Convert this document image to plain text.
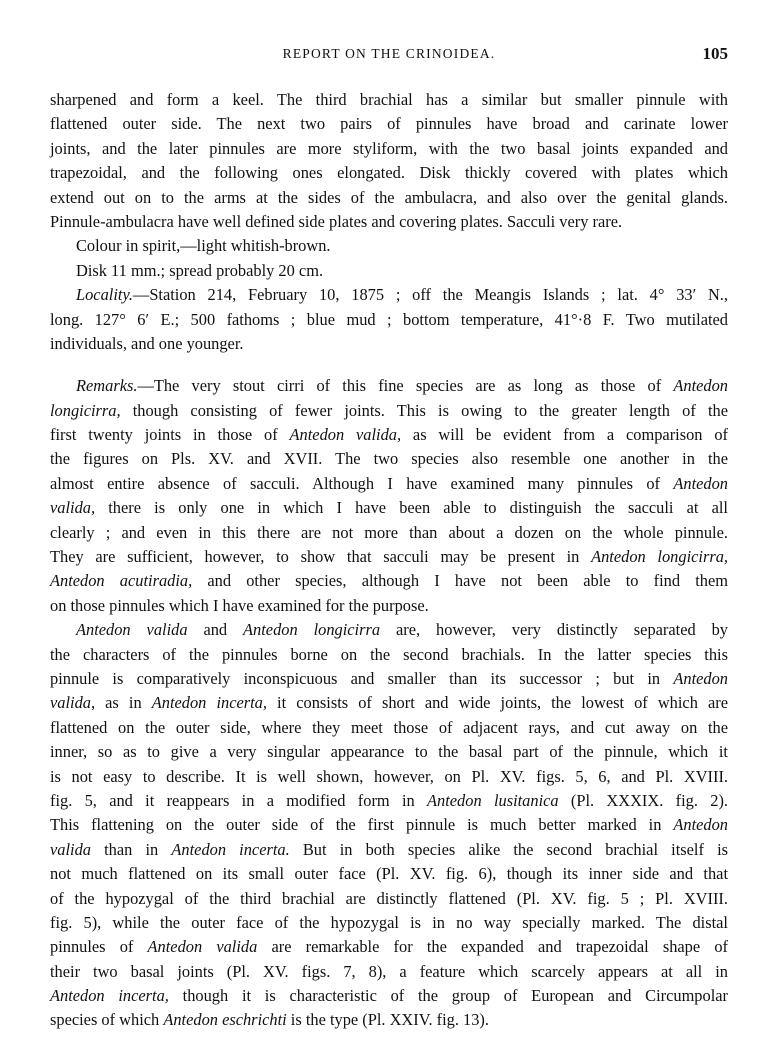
REPORT ON THE CRINOIDEA.	105
sharpened and form a keel. The third brachial has a similar but smaller pinnule with
flattened outer side. The next two pairs of pinnules have broad and carinate lower
joints, and the later pinnules are more styliform, with the two basal joints expanded and
trapezoidal, and the following ones elongated. Disk thickly covered with plates which
extend out on to the arms at the sides of the ambulacra, and also over the genital glands.
Pinnule-ambulacra have well defined side plates and covering plates. Sacculi very rare.
Colour in spirit,—light whitish-brown.
Disk 11 mm.; spread probably 20 cm.
Locality.—Station 214, February 10, 1875 ; off the Meangis Islands ; lat. 4° 33′ N.,
long. 127° 6′ E.; 500 fathoms ; blue mud ; bottom temperature, 41°·8 F. Two mutilated
individuals, and one younger.
Remarks.—The very stout cirri of this fine species are as long as those of Antedon
longicirra, though consisting of fewer joints. This is owing to the greater length of the
first twenty joints in those of Antedon valida, as will be evident from a comparison of
the figures on Pls. XV. and XVII. The two species also resemble one another in the
almost entire absence of sacculi. Although I have examined many pinnules of Antedon
valida, there is only one in which I have been able to distinguish the sacculi at all
clearly ; and even in this there are not more than about a dozen on the whole pinnule.
They are sufficient, however, to show that sacculi may be present in Antedon longicirra,
Antedon acutiradia, and other species, although I have not been able to find them
on those pinnules which I have examined for the purpose.
Antedon valida and Antedon longicirra are, however, very distinctly separated by
the characters of the pinnules borne on the second brachials. In the latter species this
pinnule is comparatively inconspicuous and smaller than its successor ; but in Antedon
valida, as in Antedon incerta, it consists of short and wide joints, the lowest of which are
flattened on the outer side, where they meet those of adjacent rays, and cut away on the
inner, so as to give a very singular appearance to the basal part of the pinnule, which it
is not easy to describe. It is well shown, however, on Pl. XV. figs. 5, 6, and Pl. XVIII.
fig. 5, and it reappears in a modified form in Antedon lusitanica (Pl. XXXIX. fig. 2).
This flattening on the outer side of the first pinnule is much better marked in Antedon
valida than in Antedon incerta. But in both species alike the second brachial itself is
not much flattened on its small outer face (Pl. XV. fig. 6), though its inner side and that
of the hypozygal of the third brachial are distinctly flattened (Pl. XV. fig. 5 ; Pl. XVIII.
fig. 5), while the outer face of the hypozygal is in no way specially marked. The distal
pinnules of Antedon valida are remarkable for the expanded and trapezoidal shape of
their two basal joints (Pl. XV. figs. 7, 8), a feature which scarcely appears at all in
Antedon incerta, though it is characteristic of the group of European and Circumpolar
species of which Antedon eschrichti is the type (Pl. XXIV. fig. 13).
